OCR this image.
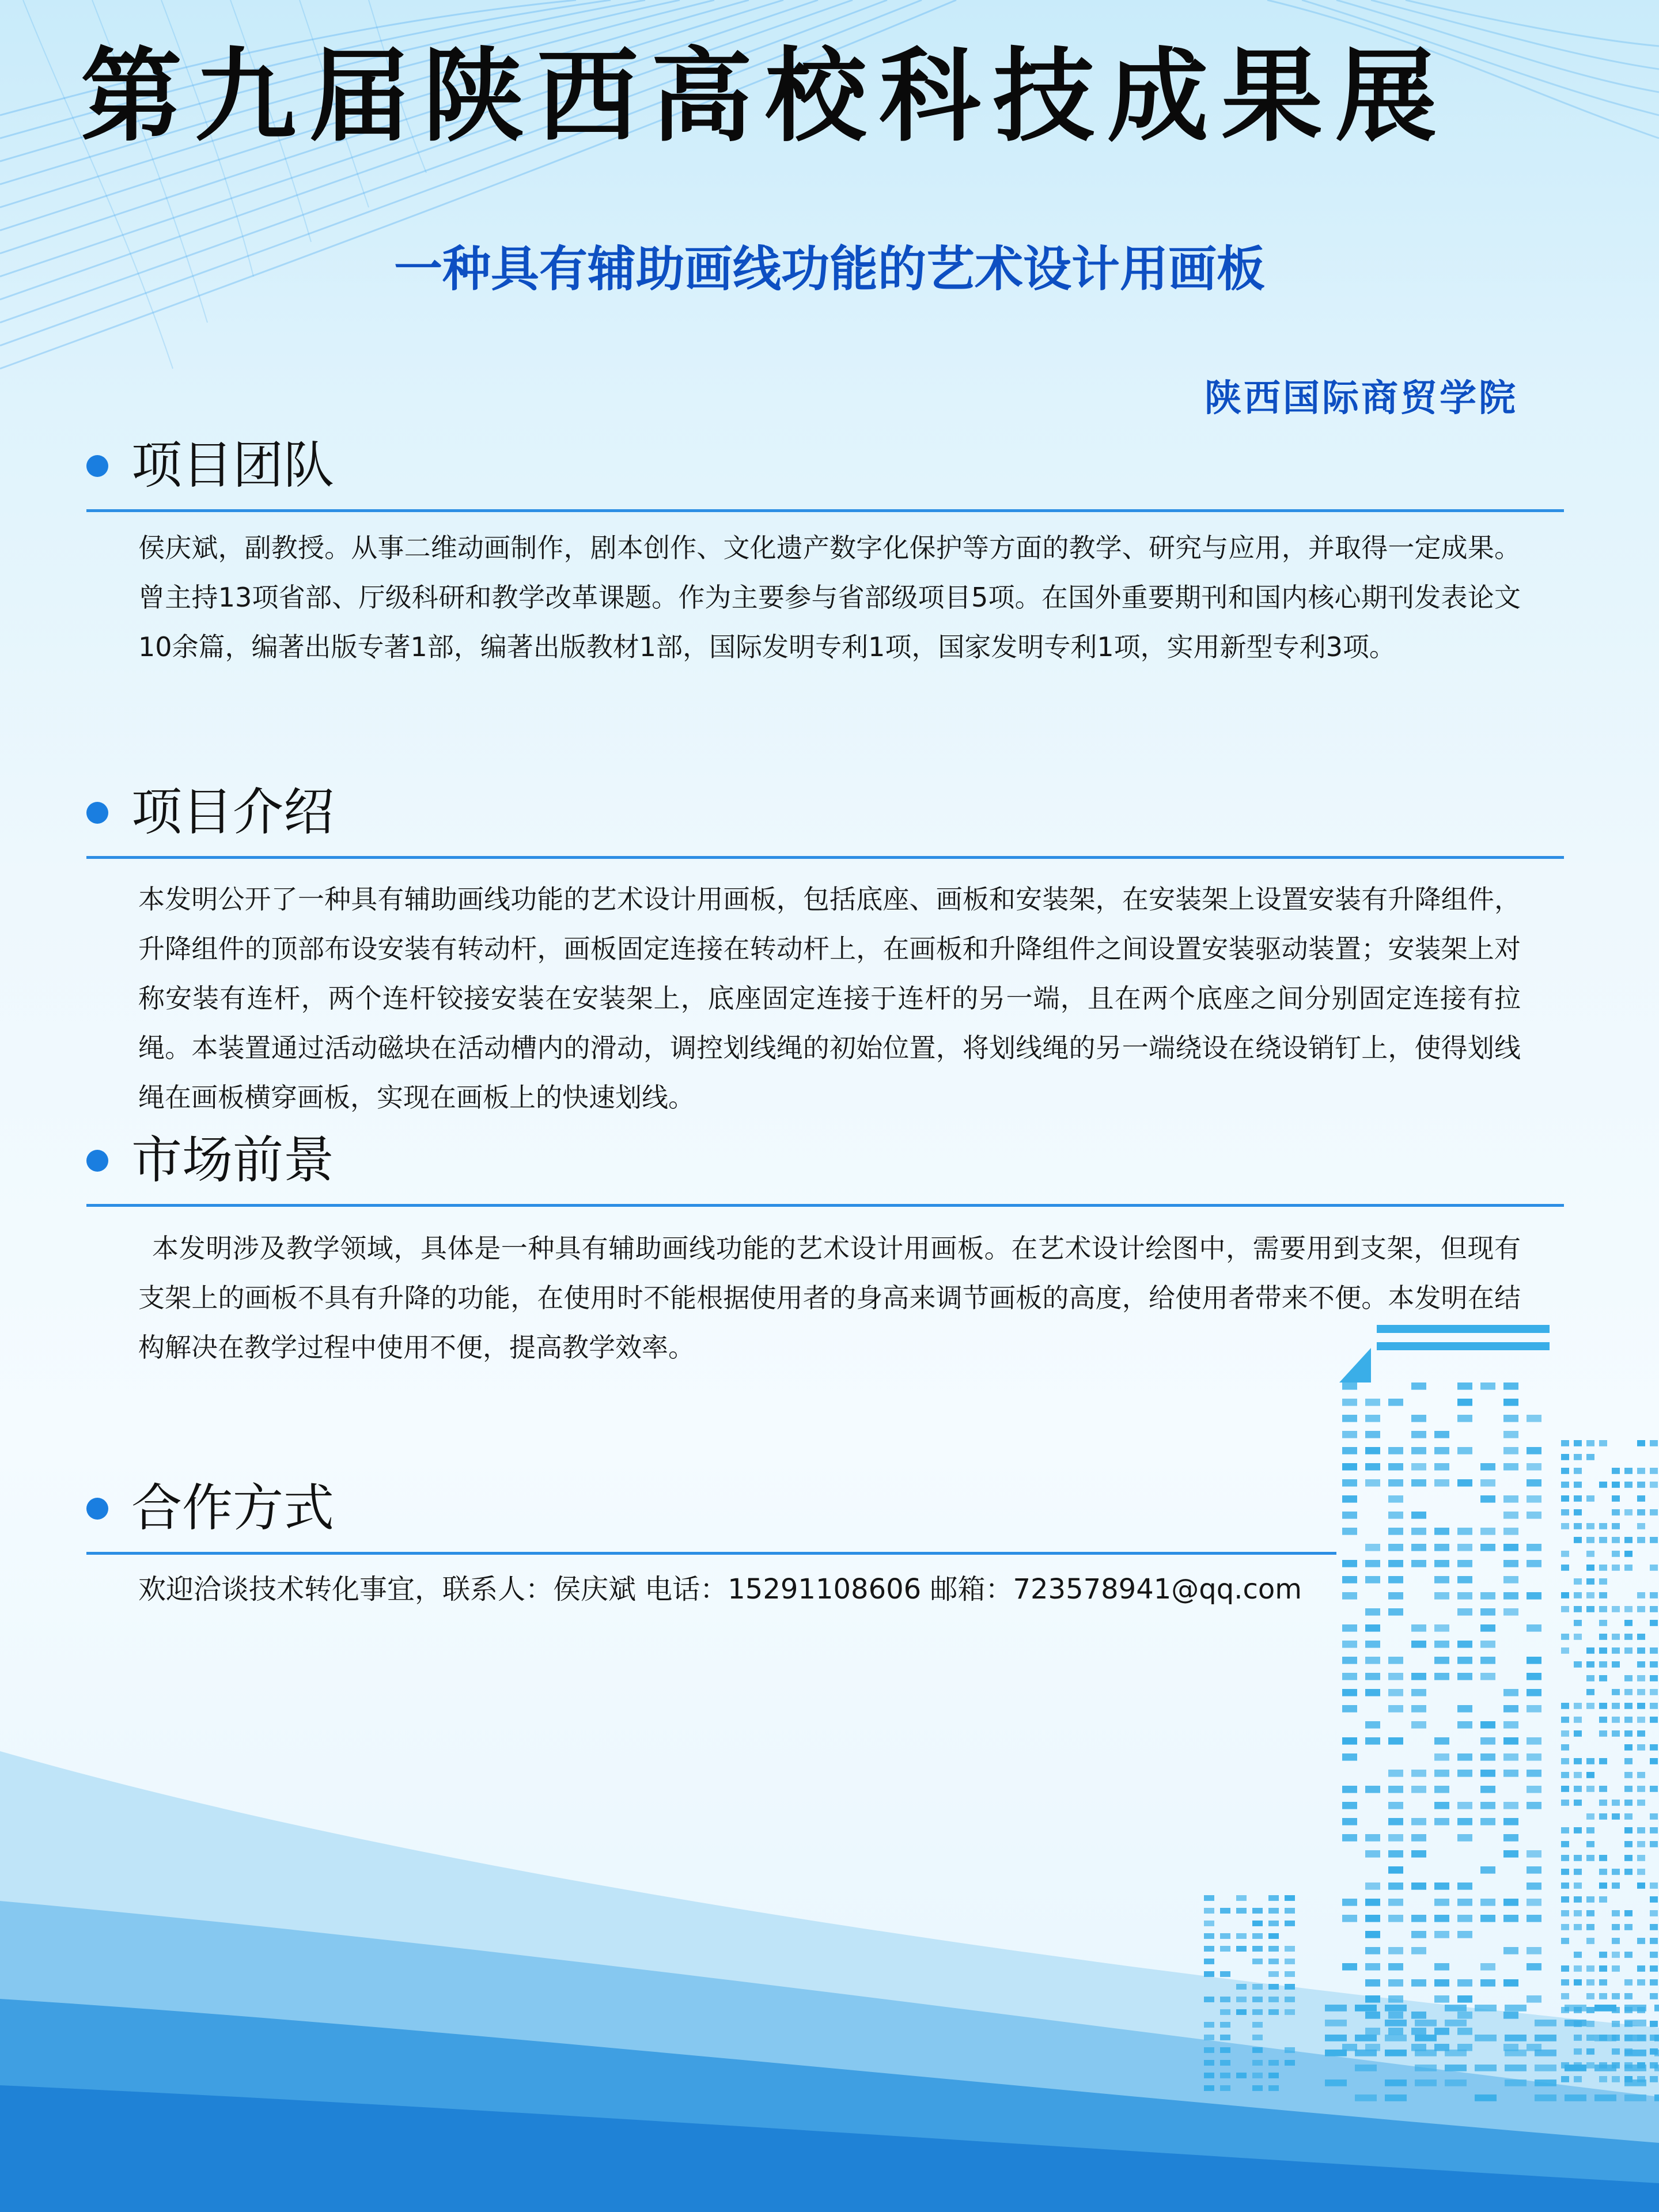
第九届陕西高校科技成果展
一种具有辅助画线功能的艺术设计用画板
陕西国际商贸学院
项目团队
侯庆斌，副教授。从事二维动画制作，剧本创作、文化遗产数字化保护等方面的教学、研究与应用，并取得一定成果。曾主持13项省部、厅级科研和教学改革课题。作为主要参与省部级项目5项。在国外重要期刊和国内核心期刊发表论文10余篇，编著出版专著1部，编著出版教材1部，国际发明专利1项，国家发明专利1项，实用新型专利3项。
项目介绍
本发明公开了一种具有辅助画线功能的艺术设计用画板，包括底座、画板和安装架，在安装架上设置安装有升降组件，升降组件的顶部布设安装有转动杆，画板固定连接在转动杆上，在画板和升降组件之间设置安装驱动装置；安装架上对称安装有连杆，两个连杆铰接安装在安装架上，底座固定连接于连杆的另一端，且在两个底座之间分别固定连接有拉绳。本装置通过活动磁块在活动槽内的滑动，调控划线绳的初始位置，将划线绳的另一端绕设在绕设销钉上，使得划线绳在画板横穿画板，实现在画板上的快速划线。
市场前景
本发明涉及教学领域，具体是一种具有辅助画线功能的艺术设计用画板。在艺术设计绘图中，需要用到支架，但现有支架上的画板不具有升降的功能，在使用时不能根据使用者的身高来调节画板的高度，给使用者带来不便。本发明在结构解决在教学过程中使用不便，提高教学效率。
合作方式
欢迎洽谈技术转化事宜，联系人：侯庆斌 电话：15291108606 邮箱：723578941@qq.com
